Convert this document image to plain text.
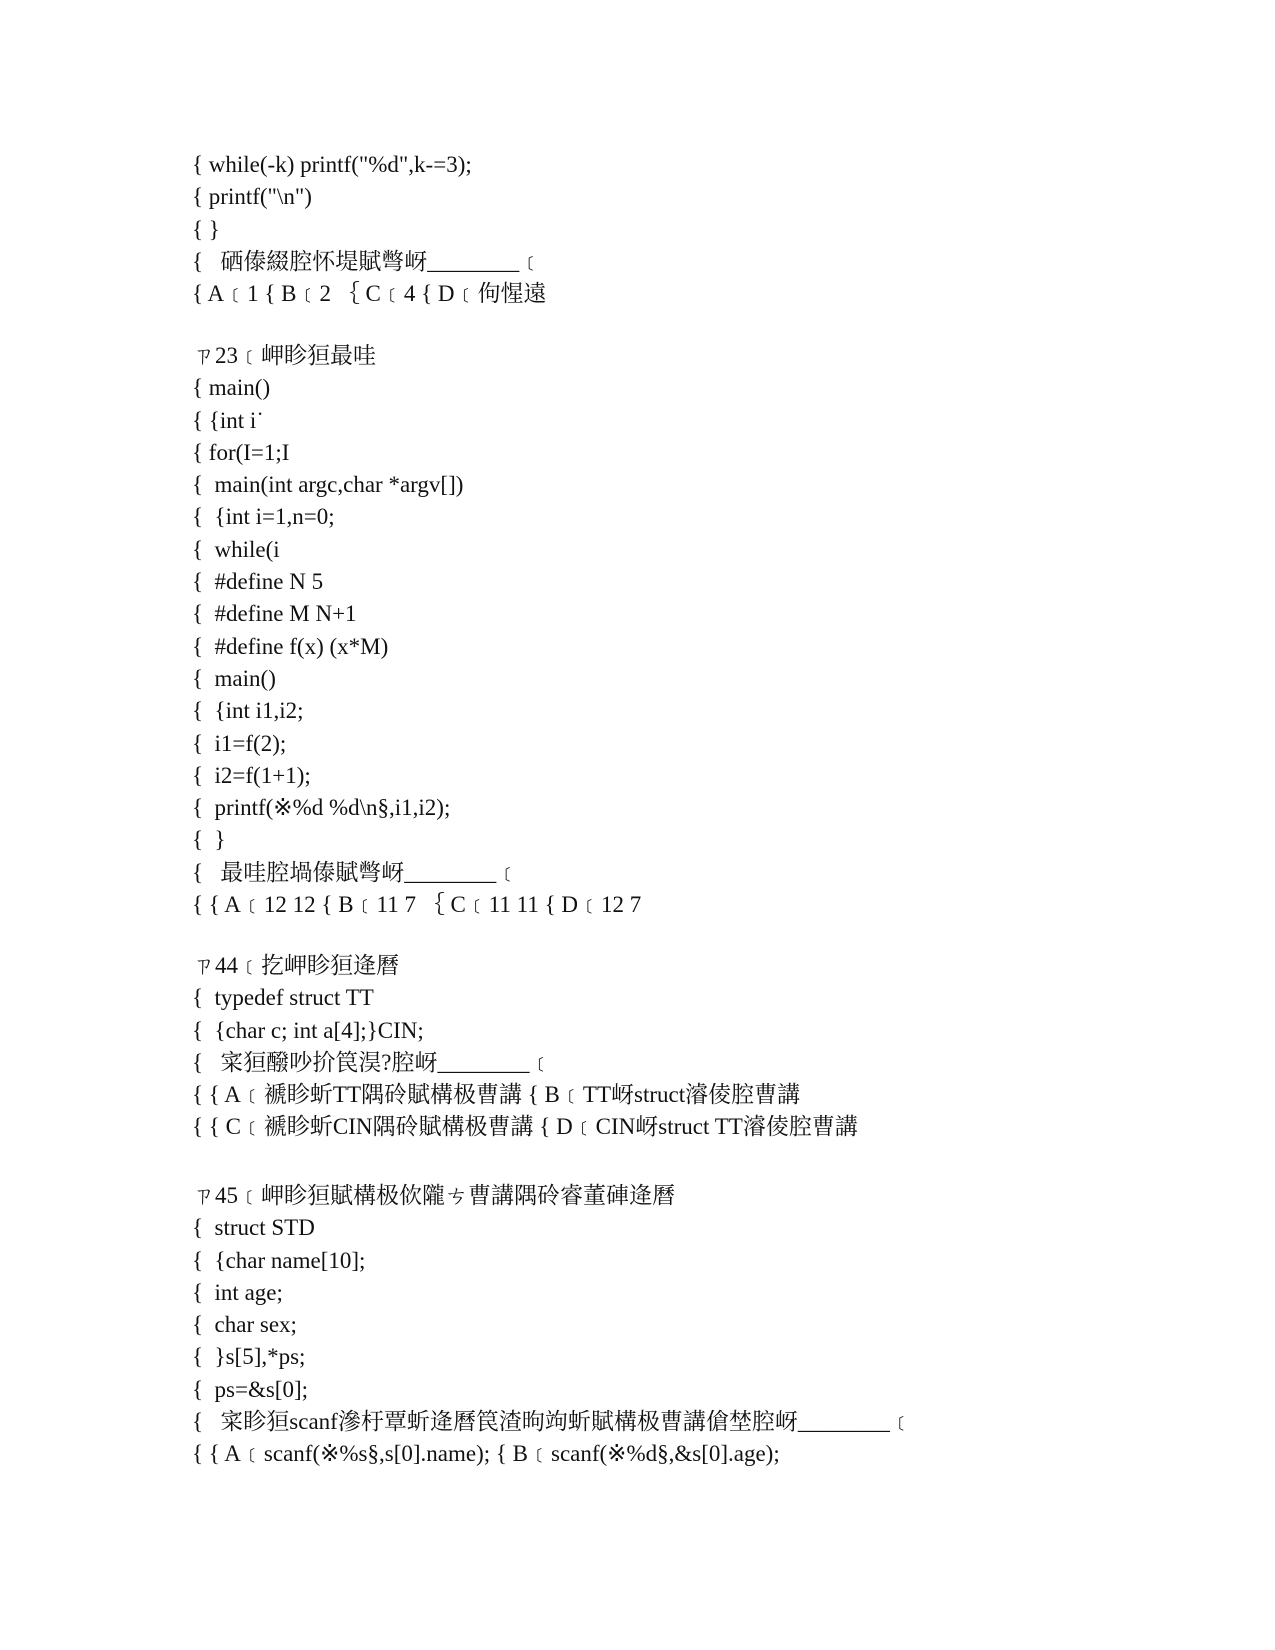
{ while(-k) printf("%d",k-=3);
{ printf("\n")
{ }
{   硒傣綴腔怀堤賦彆岈________﹝
{ A﹝1 { B﹝2 ｛ C﹝4 { D﹝佝惺遠
ㄗ23﹝岬眕狟最哇
{ main()
{ {int i˙
{ for(I=1;I
{  main(int argc,char *argv[])
{  {int i=1,n=0;
{  while(i
{  #define N 5
{  #define M N+1
{  #define f(x) (x*M)
{  main()
{  {int i1,i2;
{  i1=f(2);
{  i2=f(1+1);
{  printf(※%d %d\n§,i1,i2);
{  }
{   最哇腔堝傣賦彆岈________﹝
{ { A﹝12 12 { B﹝11 7 ｛ C﹝11 11 { D﹝12 7
ㄗ44﹝扢岬眕狟逄曆
{  typedef struct TT
{  {char c; int a[4];}CIN;
{   寀狟醱吵扴笢淏?腔岈________﹝
{ { A﹝褫眕蚚TT隅砱賦構极曹講 { B﹝TT岈struct濬倰腔曹講
{ { C﹝褫眕蚚CIN隅砱賦構极曹講 { D﹝CIN岈struct TT濬倰腔曹講
ㄗ45﹝岬眕狟賦構极佽隴ㄘ曹講隅砱睿董硨逄曆
{  struct STD
{  {char name[10];
{  int age;
{  char sex;
{  }s[5],*ps;
{  ps=&s[0];
{   寀眕狟scanf滲杅覃蚚逄曆笢渣昫竘蚚賦構极曹講傖埜腔岈________﹝
{ { A﹝scanf(※%s§,s[0].name); { B﹝scanf(※%d§,&s[0].age);
